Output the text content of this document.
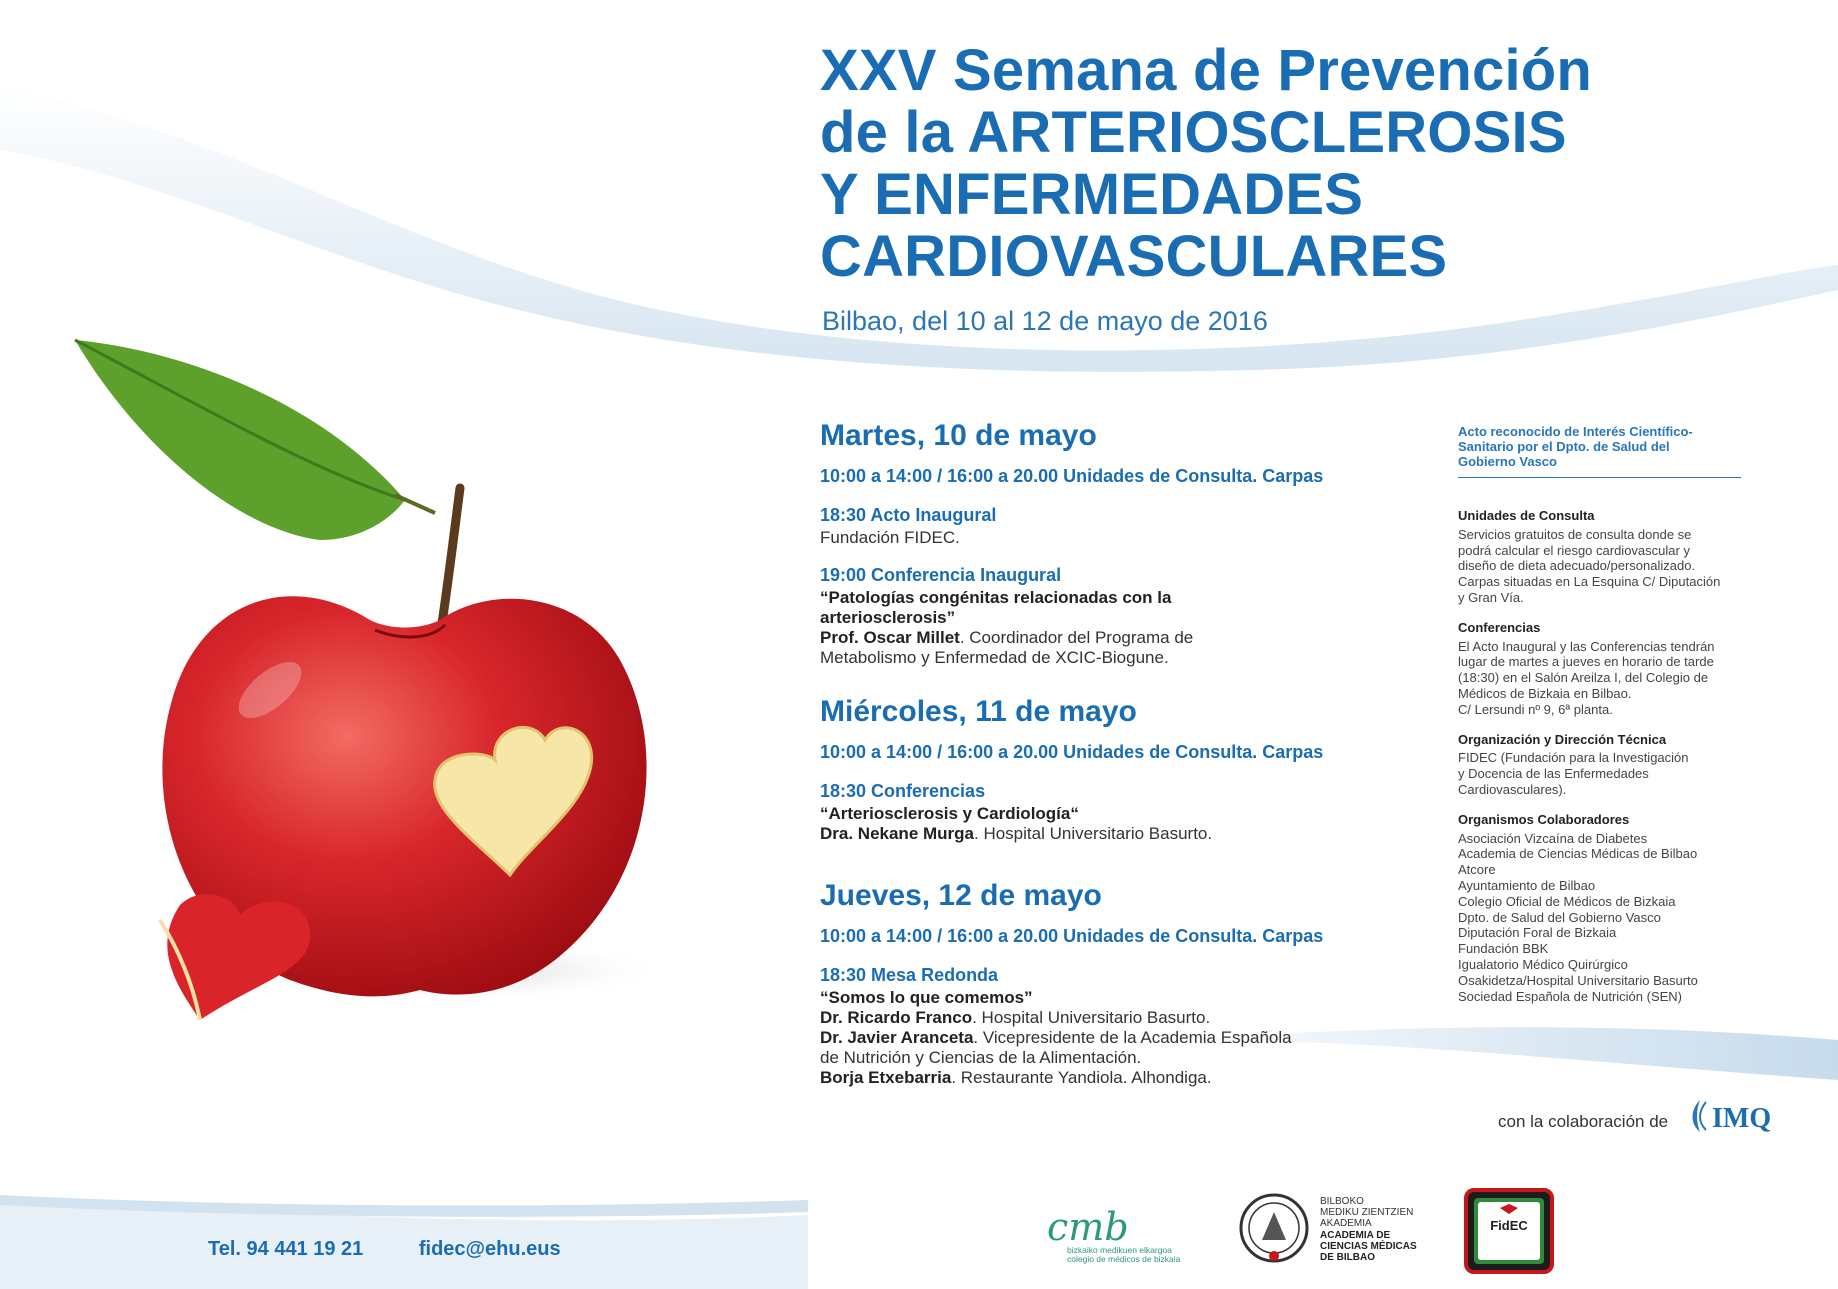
XXV Semana de Prevención
de la ARTERIOSCLEROSIS
Y ENFERMEDADES
CARDIOVASCULARES
Bilbao, del 10 al 12 de mayo de 2016
Martes, 10 de mayo
10:00 a 14:00 / 16:00 a 20.00 Unidades de Consulta. Carpas
18:30 Acto Inaugural
Fundación FIDEC.
19:00 Conferencia Inaugural
“Patologías congénitas relacionadas con la
arteriosclerosis”
Prof. Oscar Millet. Coordinador del Programa de
Metabolismo y Enfermedad de XCIC-Biogune.
Miércoles, 11 de mayo
10:00 a 14:00 / 16:00 a 20.00 Unidades de Consulta. Carpas
18:30 Conferencias
“Arteriosclerosis y Cardiología“
Dra. Nekane Murga. Hospital Universitario Basurto.
Jueves, 12 de mayo
10:00 a 14:00 / 16:00 a 20.00 Unidades de Consulta. Carpas
18:30 Mesa Redonda
“Somos lo que comemos”
Dr. Ricardo Franco. Hospital Universitario Basurto.
Dr. Javier Aranceta. Vicepresidente de la Academia Española
de Nutrición y Ciencias de la Alimentación.
Borja Etxebarria. Restaurante Yandiola. Alhondiga.
Acto reconocido de Interés Científico-
Sanitario por el Dpto. de Salud del
Gobierno Vasco
Unidades de Consulta
Servicios gratuitos de consulta donde se
podrá calcular el riesgo cardiovascular y
diseño de dieta adecuado/personalizado.
Carpas situadas en La Esquina C/ Diputación
y Gran Vía.
Conferencias
El Acto Inaugural y las Conferencias tendrán
lugar de martes a jueves en horario de tarde
(18:30) en el Salón Areilza I, del Colegio de
Médicos de Bizkaia en Bilbao.
C/ Lersundi nº 9, 6ª planta.
Organización y Dirección Técnica
FIDEC (Fundación para la Investigación
y Docencia de las Enfermedades
Cardiovasculares).
Organismos Colaboradores
Asociación Vizcaína de Diabetes
Academia de Ciencias Médicas de Bilbao
Atcore
Ayuntamiento de Bilbao
Colegio Oficial de Médicos de Bizkaia
Dpto. de Salud del Gobierno Vasco
Diputación Foral de Bizkaia
Fundación BBK
Igualatorio Médico Quirúrgico
Osakidetza/Hospital Universitario Basurto
Sociedad Española de Nutrición (SEN)
con la colaboración de IMQ
cmb
bizkaiko medikuen elkargoa
colegio de médicos de bizkaia
BILBOKO
MEDIKU ZIENTZIEN
AKADEMIA
ACADEMIA DE
CIENCIAS MÉDICAS
DE BILBAO
FidEC
Tel. 94 441 19 21	fidec@ehu.eus
